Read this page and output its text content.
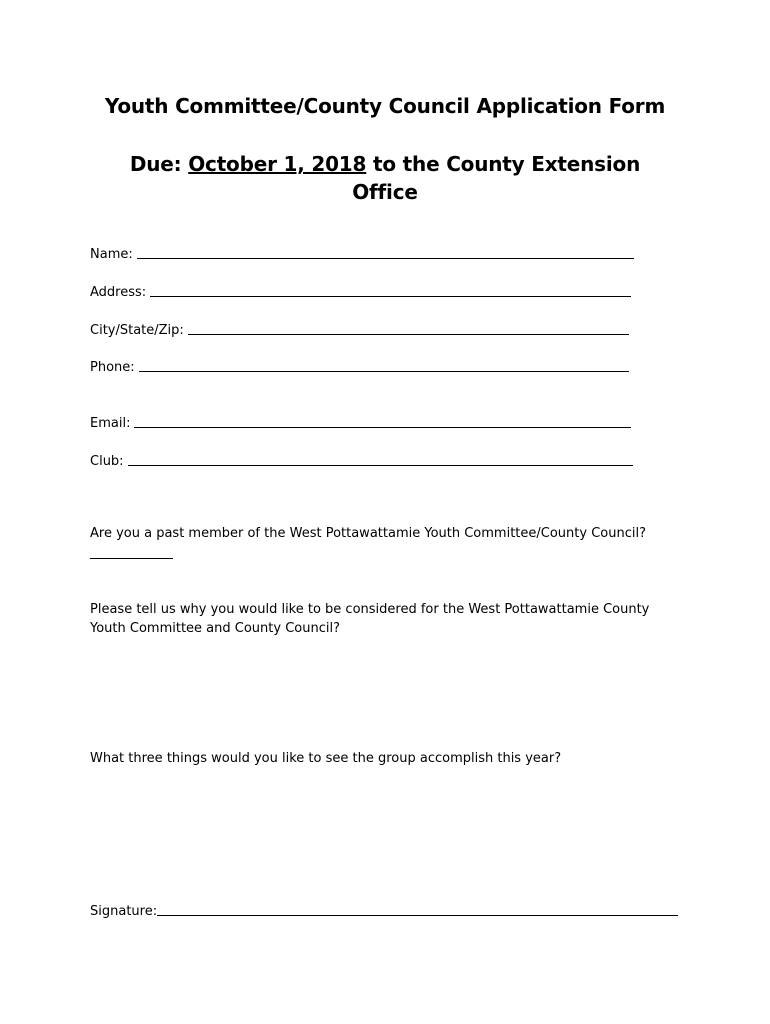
Youth Committee/County Council Application Form
Due: October 1, 2018 to the County Extension Office
Name:
Address:
City/State/Zip:
Phone:
Email:
Club:
Are you a past member of the West Pottawattamie Youth Committee/County Council?
Please tell us why you would like to be considered for the West Pottawattamie County Youth Committee and County Council?
What three things would you like to see the group accomplish this year?
Signature:
